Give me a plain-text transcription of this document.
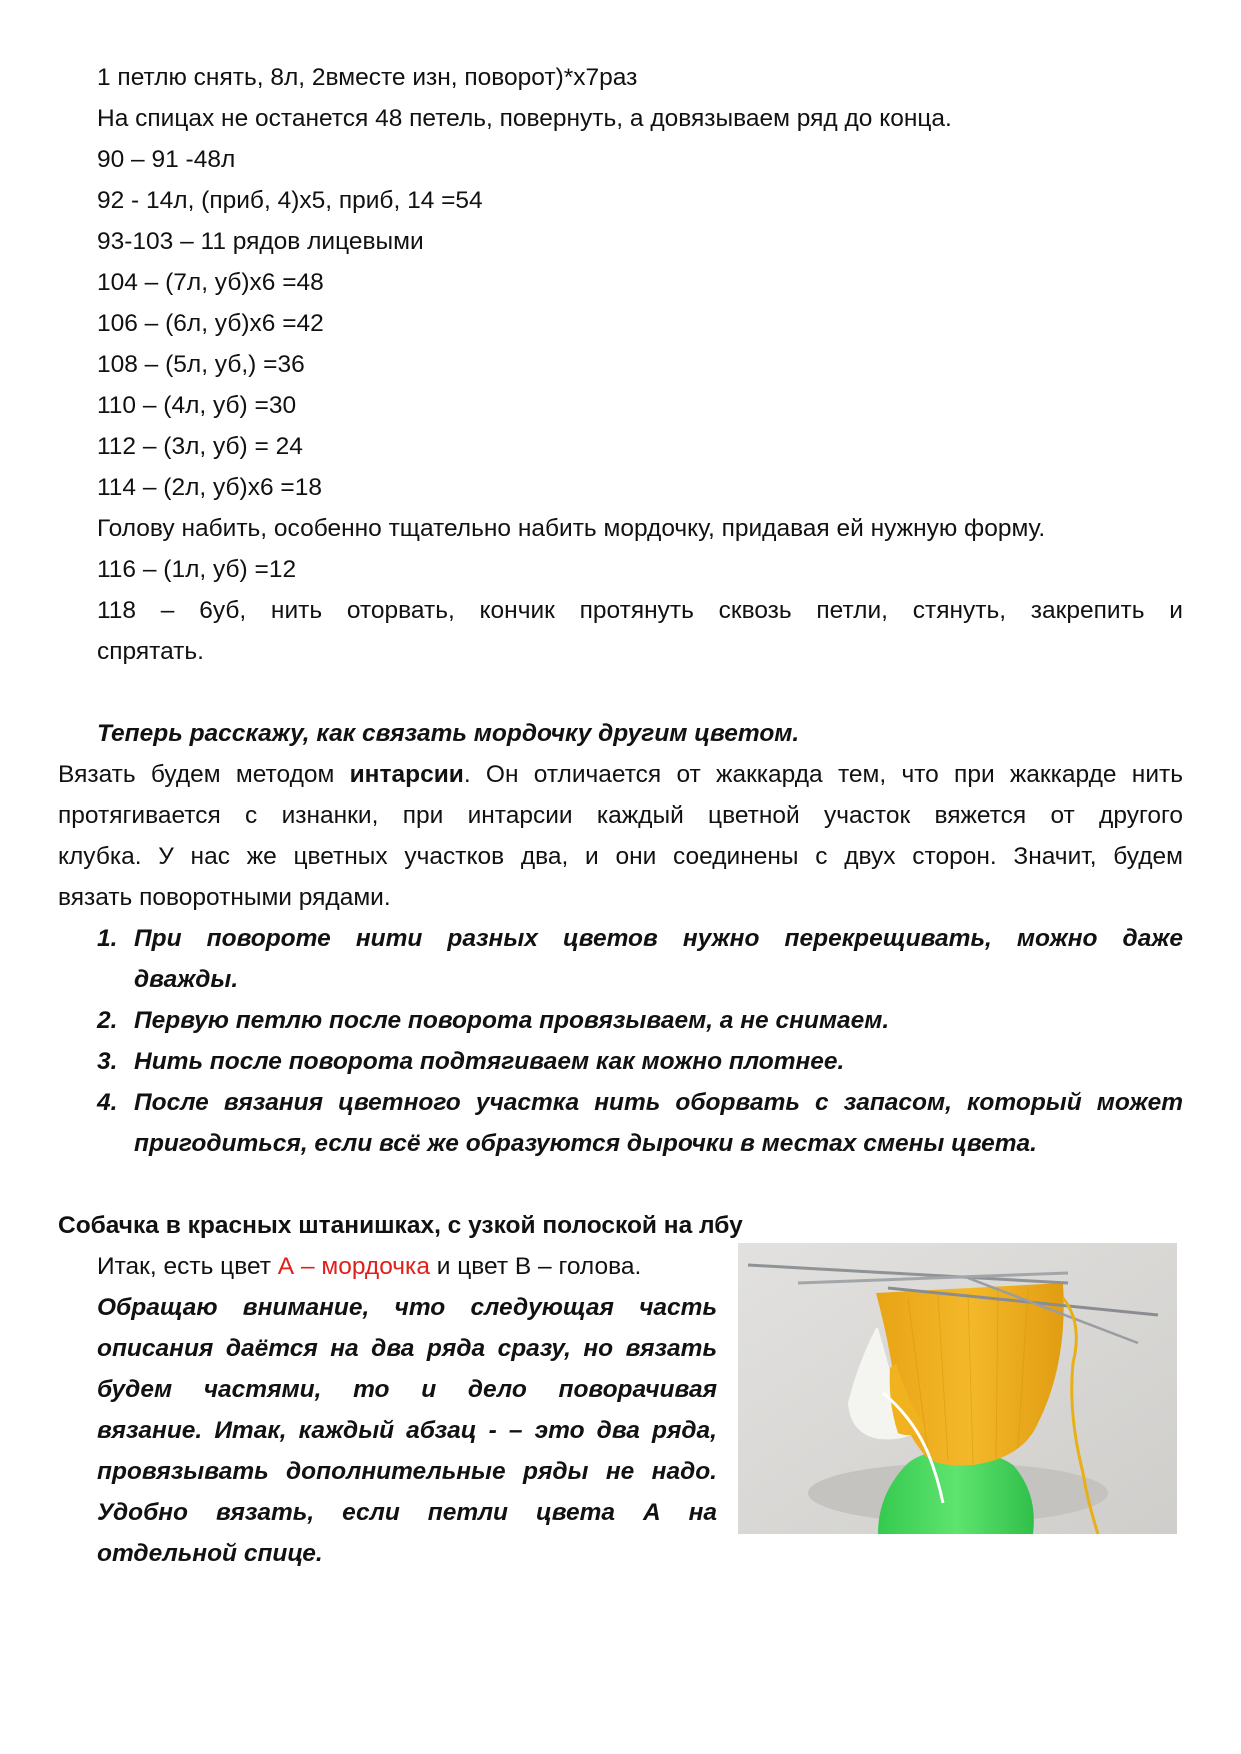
1 петлю снять, 8л, 2вместе изн, поворот)*х7раз
На спицах не останется 48 петель, повернуть, а довязываем ряд до конца.
90 – 91 -48л
92 - 14л, (приб, 4)х5, приб, 14 =54
93-103 – 11 рядов лицевыми
104 – (7л, уб)х6 =48
106 – (6л, уб)х6 =42
108 – (5л, уб,) =36
110 – (4л, уб) =30
112 – (3л, уб) = 24
114 – (2л, уб)х6 =18
Голову набить, особенно тщательно набить мордочку, придавая ей нужную форму.
116 – (1л, уб) =12
118 – 6уб, нить оторвать, кончик протянуть сквозь петли, стянуть, закрепить и
спрятать.
Теперь расскажу, как связать мордочку другим цветом.
Вязать будем методом интарсии. Он отличается от жаккарда тем, что при жаккарде нить
протягивается с изнанки, при интарсии каждый цветной участок вяжется от другого
клубка. У нас же цветных участков два, и они соединены с двух сторон. Значит, будем
вязать поворотными рядами.
1. При повороте нити разных цветов нужно перекрещивать, можно даже
дважды.
2. Первую петлю после поворота провязываем, а не снимаем.
3. Нить после поворота подтягиваем как можно плотнее.
4. После вязания цветного участка нить оборвать с запасом, который может
пригодиться, если всё же образуются дырочки в местах смены цвета.
Собачка в красных штанишках, с узкой полоской на лбу
Итак, есть цвет А – мордочка и цвет В – голова.
Обращаю внимание, что следующая часть
описания даётся на два ряда сразу, но вязать
будем частями, то и дело поворачивая
вязание. Итак, каждый абзац - – это два ряда,
провязывать дополнительные ряды не надо.
Удобно вязать, если петли цвета А на
отдельной спице.
